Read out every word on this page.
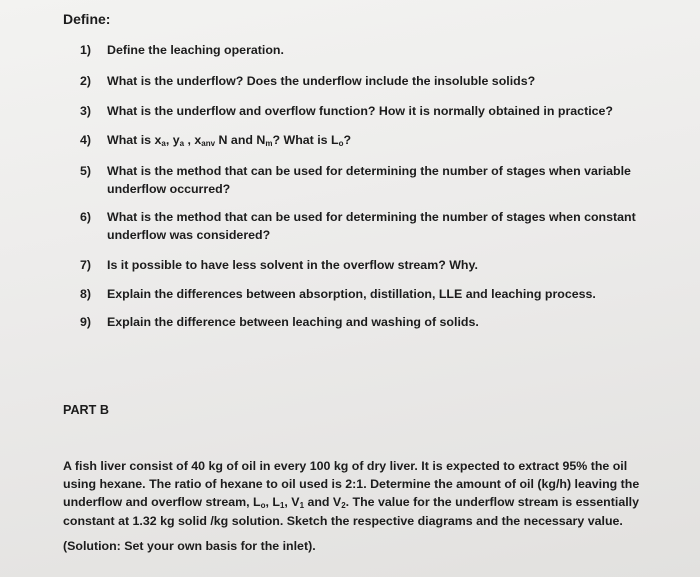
Define:
1)	Define the leaching operation.
2)	What is the underflow? Does the underflow include the insoluble solids?
3)	What is the underflow and overflow function? How it is normally obtained in practice?
4)	What is $x_a$, $y_a$ , $x_{anv}$ N and $N_m$? What is $L_o$?
5)	What is the method that can be used for determining the number of stages when variable underflow occurred?
6)	What is the method that can be used for determining the number of stages when constant underflow was considered?
7)	Is it possible to have less solvent in the overflow stream? Why.
8)	Explain the differences between absorption, distillation, LLE and leaching process.
9)	Explain the difference between leaching and washing of solids.
PART B
A fish liver consist of 40 kg of oil in every 100 kg of dry liver. It is expected to extract 95% the oil using hexane. The ratio of hexane to oil used is 2:1. Determine the amount of oil (kg/h) leaving the underflow and overflow stream, $L_o$, $L_1$, $V_1$ and $V_2$. The value for the underflow stream is essentially constant at 1.32 kg solid /kg solution. Sketch the respective diagrams and the necessary value.
(Solution: Set your own basis for the inlet).
